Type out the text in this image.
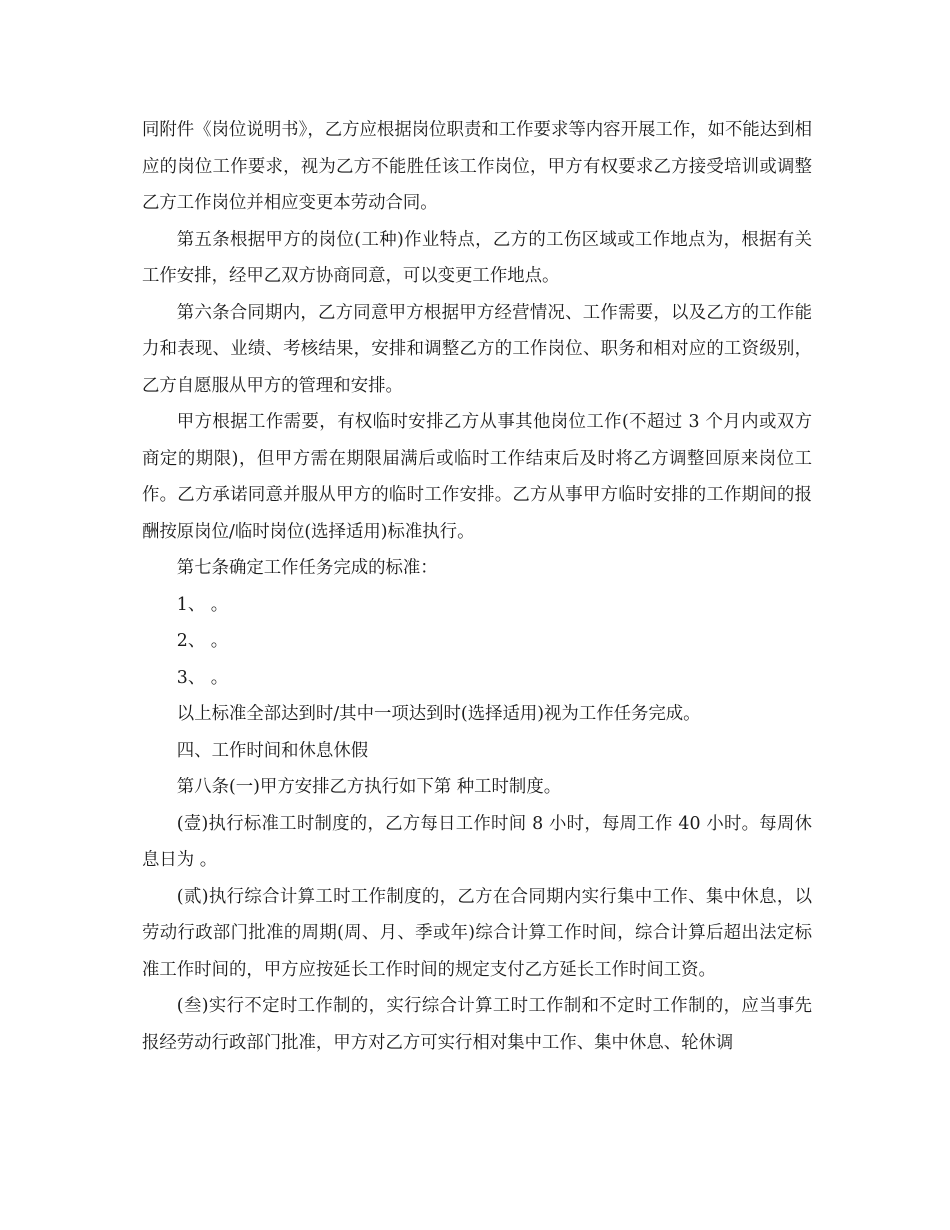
同附件《岗位说明书》，乙方应根据岗位职责和工作要求等内容开展工作，如不能达到相应的岗位工作要求，视为乙方不能胜任该工作岗位，甲方有权要求乙方接受培训或调整乙方工作岗位并相应变更本劳动合同。

第五条根据甲方的岗位(工种)作业特点，乙方的工伤区域或工作地点为，根据有关工作安排，经甲乙双方协商同意，可以变更工作地点。

第六条合同期内，乙方同意甲方根据甲方经营情况、工作需要，以及乙方的工作能力和表现、业绩、考核结果，安排和调整乙方的工作岗位、职务和相对应的工资级别，乙方自愿服从甲方的管理和安排。

甲方根据工作需要，有权临时安排乙方从事其他岗位工作(不超过 3 个月内或双方商定的期限)，但甲方需在期限届满后或临时工作结束后及时将乙方调整回原来岗位工作。乙方承诺同意并服从甲方的临时工作安排。乙方从事甲方临时安排的工作期间的报酬按原岗位/临时岗位(选择适用)标准执行。

第七条确定工作任务完成的标准：

1、 。

2、 。

3、 。

以上标准全部达到时/其中一项达到时(选择适用)视为工作任务完成。

四、工作时间和休息休假

第八条(一)甲方安排乙方执行如下第 种工时制度。

(壹)执行标准工时制度的，乙方每日工作时间 8 小时，每周工作 40 小时。每周休息日为 。

(贰)执行综合计算工时工作制度的，乙方在合同期内实行集中工作、集中休息，以劳动行政部门批准的周期(周、月、季或年)综合计算工作时间，综合计算后超出法定标准工作时间的，甲方应按延长工作时间的规定支付乙方延长工作时间工资。

(叁)实行不定时工作制的，实行综合计算工时工作制和不定时工作制的，应当事先报经劳动行政部门批准，甲方对乙方可实行相对集中工作、集中休息、轮休调
